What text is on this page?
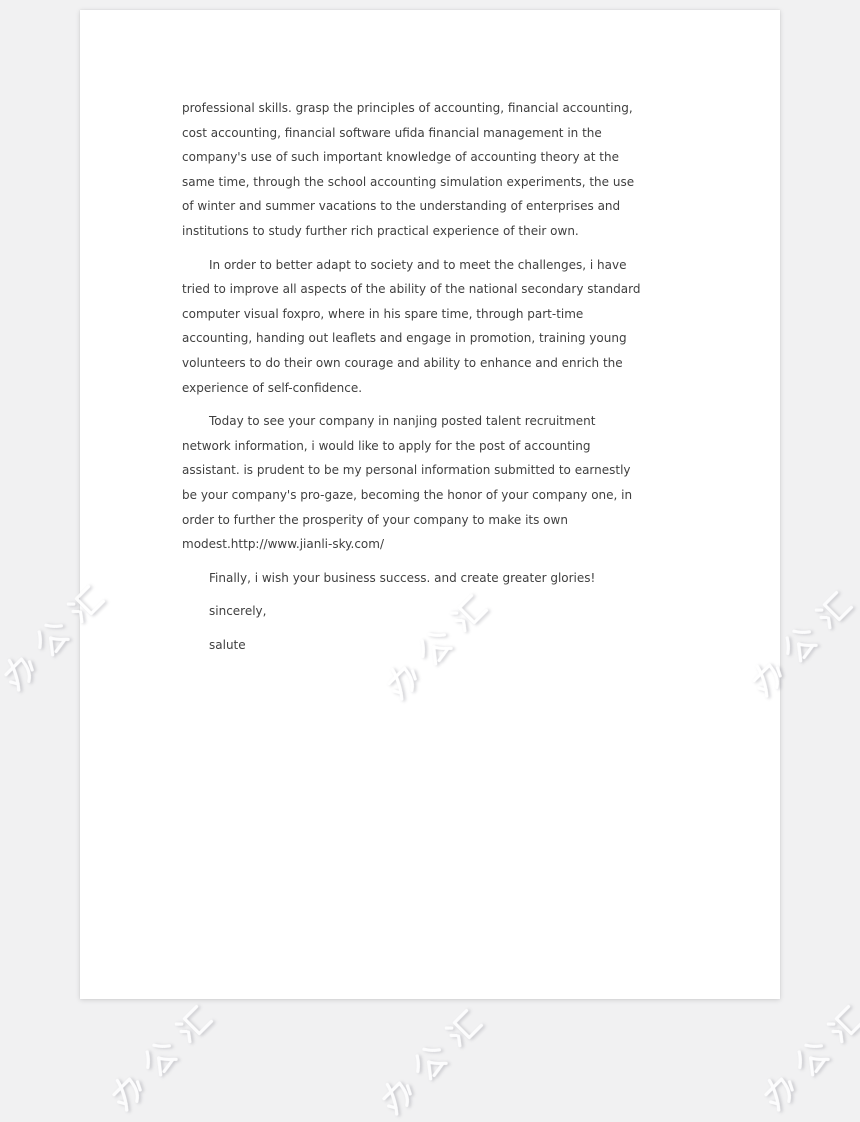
professional skills. grasp the principles of accounting, financial accounting,
cost accounting, financial software ufida financial management in the
company's use of such important knowledge of accounting theory at the
same time, through the school accounting simulation experiments, the use
of winter and summer vacations to the understanding of enterprises and
institutions to study further rich practical experience of their own.

In order to better adapt to society and to meet the challenges, i have
tried to improve all aspects of the ability of the national secondary standard
computer visual foxpro, where in his spare time, through part-time
accounting, handing out leaflets and engage in promotion, training young
volunteers to do their own courage and ability to enhance and enrich the
experience of self-confidence.

Today to see your company in nanjing posted talent recruitment
network information, i would like to apply for the post of accounting
assistant. is prudent to be my personal information submitted to earnestly
be your company's pro-gaze, becoming the honor of your company one, in
order to further the prosperity of your company to make its own
modest.http://www.jianli-sky.com/

Finally, i wish your business success. and create greater glories!

sincerely,

salute
